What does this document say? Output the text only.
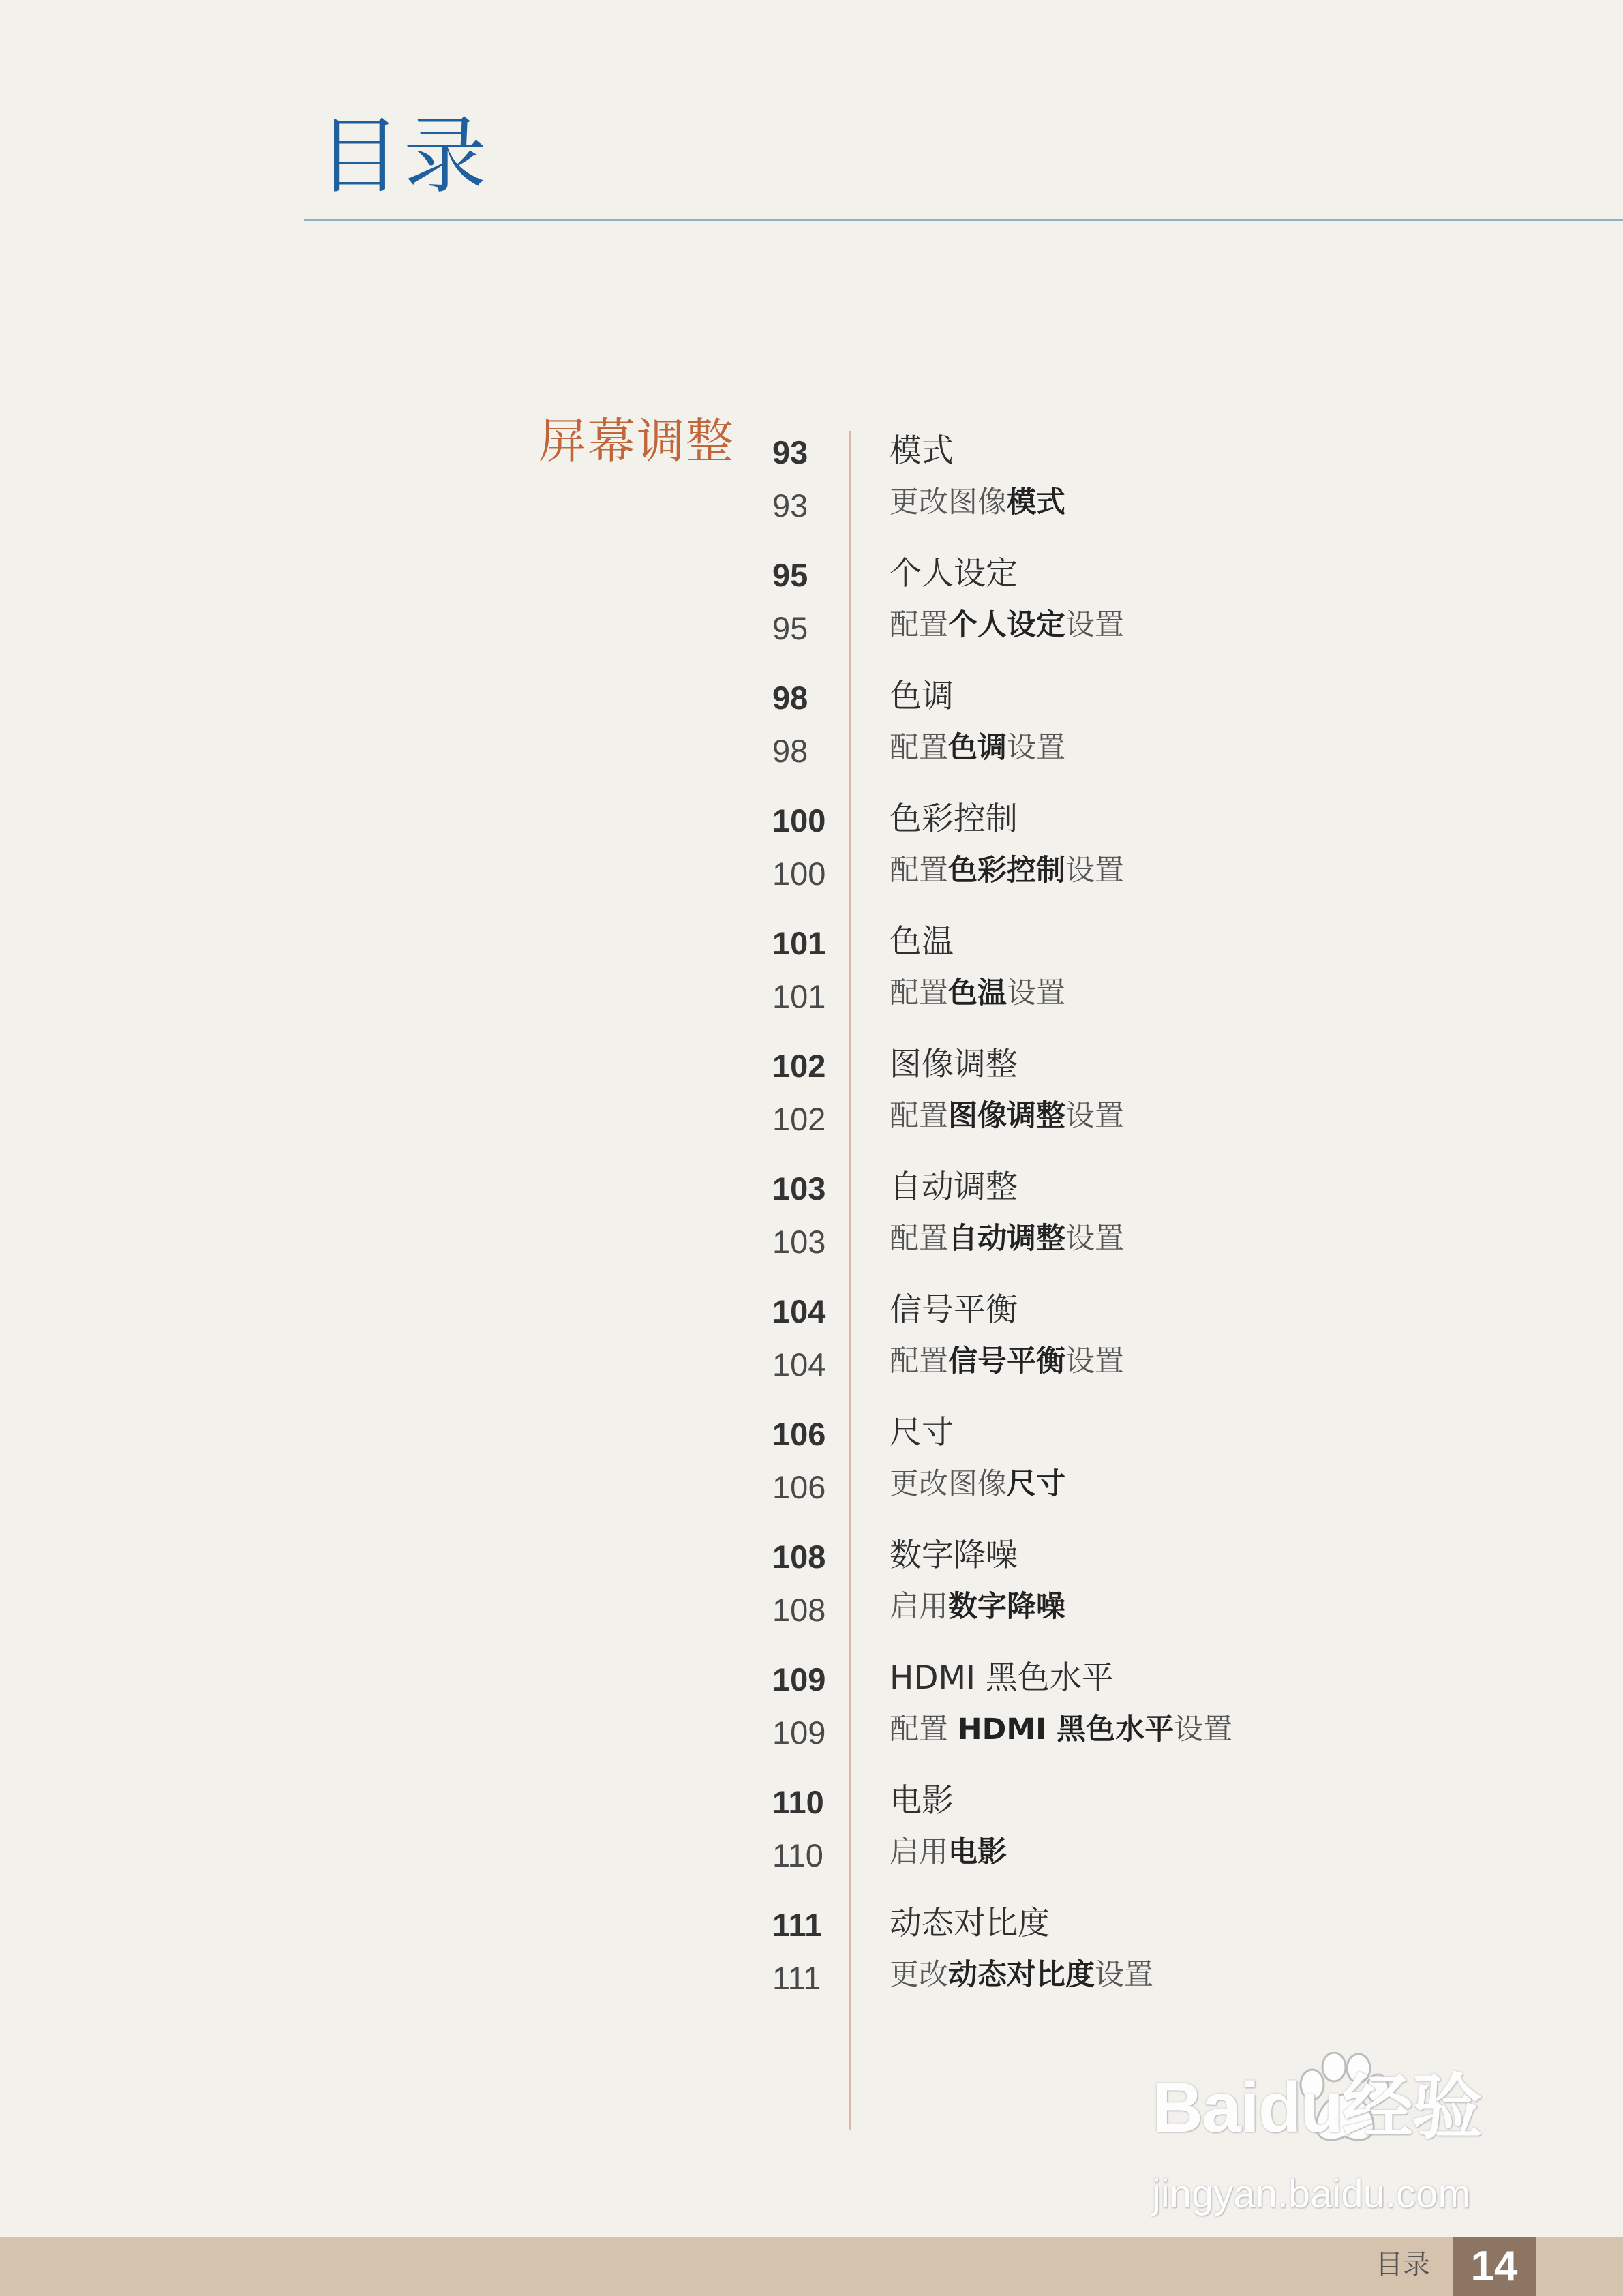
目录
屏幕调整 93	模式
93	更改图像模式
95	个人设定
95	配置个人设定设置
98	色调
98	配置色调设置
100 色彩控制
100 配置色彩控制设置
101 色温
101 配置色温设置
102 图像调整
102 配置图像调整设置
103 自动调整
103 配置自动调整设置
104 信号平衡
104 配置信号平衡设置
106 尺寸
106 更改图像尺寸
108 数字降噪
108 启用数字降噪
109 HDMI 黑色水平
109 配置 HDMI 黑色水平设置
110 电影
110 启用电影
111 动态对比度
111 更改动态对比度设置
Baidu经验
jingyan.baidu.com
目录 14
